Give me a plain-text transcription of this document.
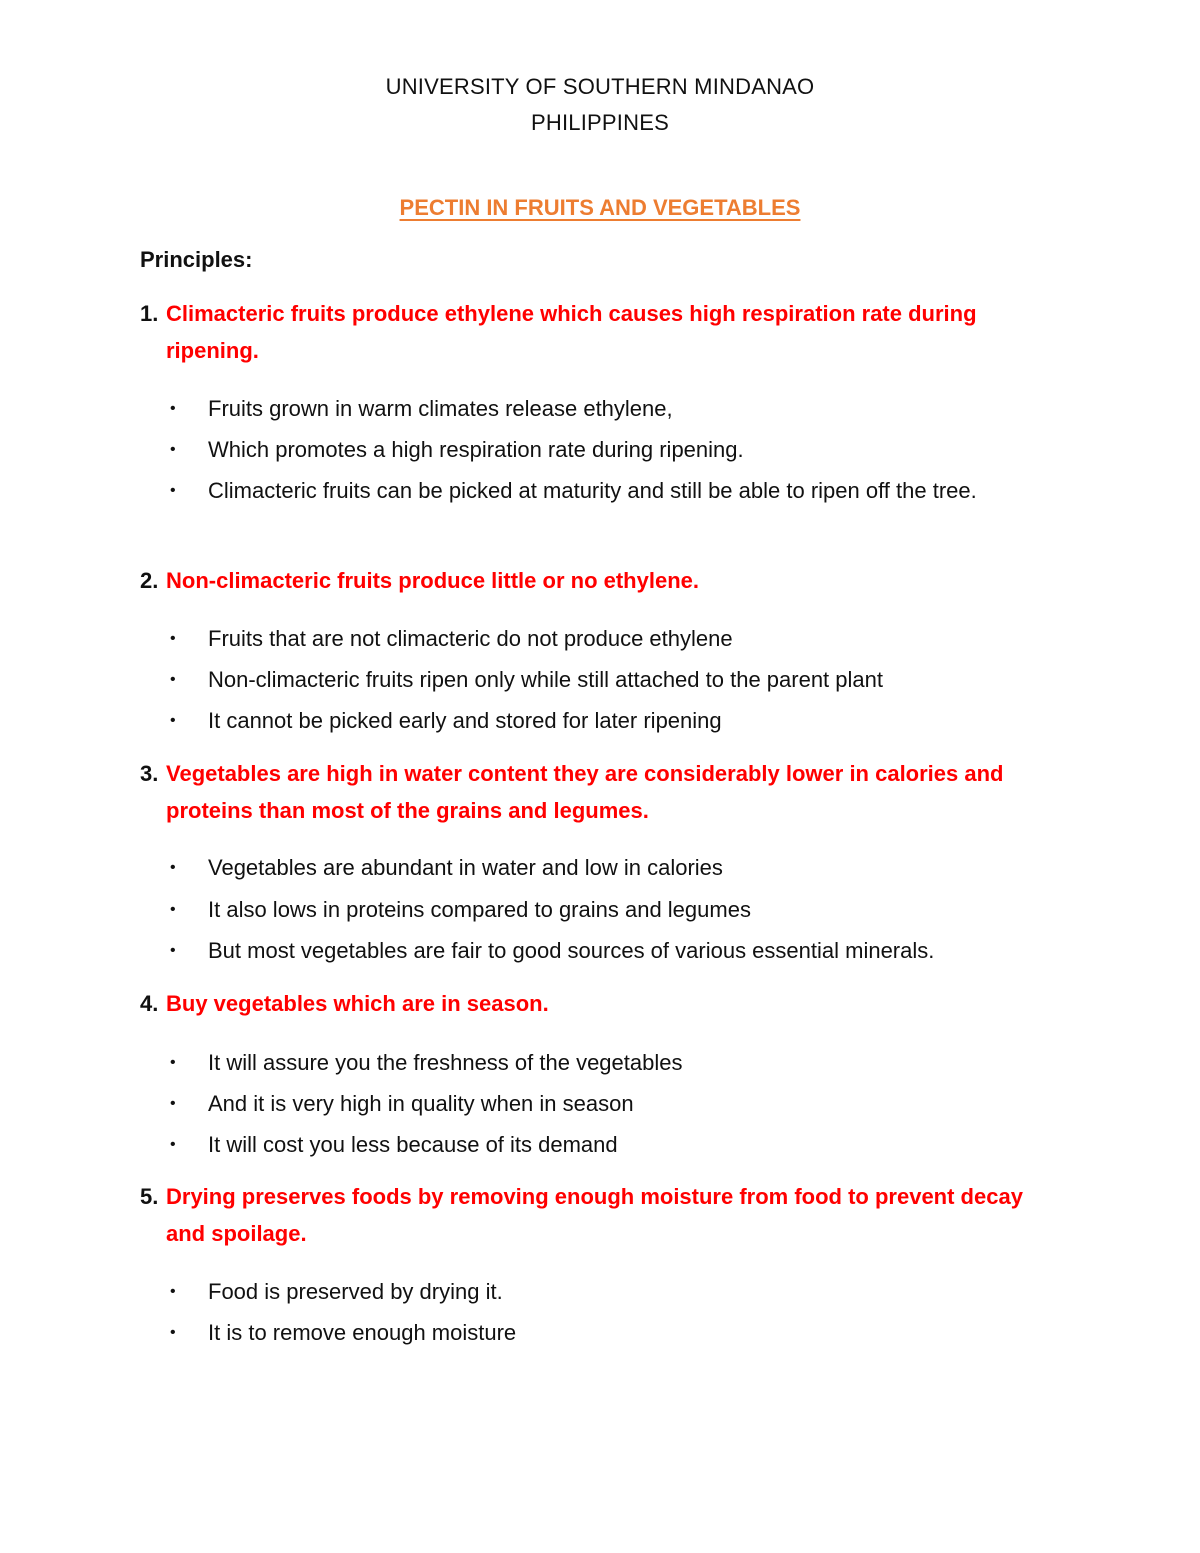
UNIVERSITY OF SOUTHERN MINDANAO
PHILIPPINES
PECTIN IN FRUITS AND VEGETABLES
Principles:
1. Climacteric fruits produce ethylene which causes high respiration rate during ripening.
• Fruits grown in warm climates release ethylene,
• Which promotes a high respiration rate during ripening.
• Climacteric fruits can be picked at maturity and still be able to ripen off the tree.
2. Non-climacteric fruits produce little or no ethylene.
• Fruits that are not climacteric do not produce ethylene
• Non-climacteric fruits ripen only while still attached to the parent plant
• It cannot be picked early and stored for later ripening
3. Vegetables are high in water content they are considerably lower in calories and proteins than most of the grains and legumes.
• Vegetables are abundant in water and low in calories
• It also lows in proteins compared to grains and legumes
• But most vegetables are fair to good sources of various essential minerals.
4. Buy vegetables which are in season.
• It will assure you the freshness of the vegetables
• And it is very high in quality when in season
• It will cost you less because of its demand
5. Drying preserves foods by removing enough moisture from food to prevent decay and spoilage.
• Food is preserved by drying it.
• It is to remove enough moisture
